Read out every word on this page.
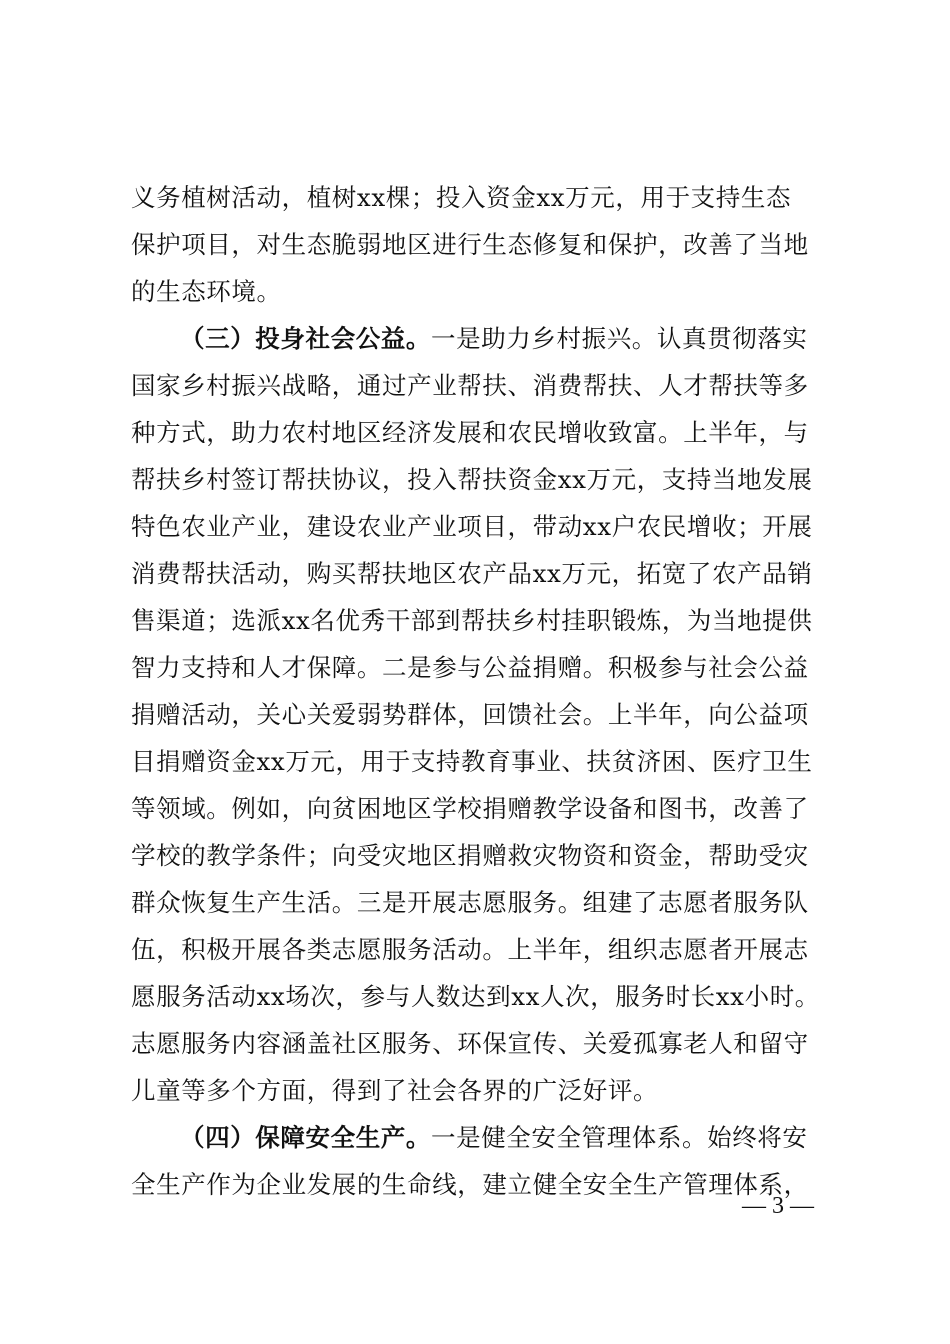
义务植树活动，植树xx棵；投入资金xx万元，用于支持生态
保护项目，对生态脆弱地区进行生态修复和保护，改善了当地
的生态环境。
（三）投身社会公益。一是助力乡村振兴。认真贯彻落实
国家乡村振兴战略，通过产业帮扶、消费帮扶、人才帮扶等多
种方式，助力农村地区经济发展和农民增收致富。上半年，与
帮扶乡村签订帮扶协议，投入帮扶资金xx万元，支持当地发展
特色农业产业，建设农业产业项目，带动xx户农民增收；开展
消费帮扶活动，购买帮扶地区农产品xx万元，拓宽了农产品销
售渠道；选派xx名优秀干部到帮扶乡村挂职锻炼，为当地提供
智力支持和人才保障。二是参与公益捐赠。积极参与社会公益
捐赠活动，关心关爱弱势群体，回馈社会。上半年，向公益项
目捐赠资金xx万元，用于支持教育事业、扶贫济困、医疗卫生
等领域。例如，向贫困地区学校捐赠教学设备和图书，改善了
学校的教学条件；向受灾地区捐赠救灾物资和资金，帮助受灾
群众恢复生产生活。三是开展志愿服务。组建了志愿者服务队
伍，积极开展各类志愿服务活动。上半年，组织志愿者开展志
愿服务活动xx场次，参与人数达到xx人次，服务时长xx小时。
志愿服务内容涵盖社区服务、环保宣传、关爱孤寡老人和留守
儿童等多个方面，得到了社会各界的广泛好评。
（四）保障安全生产。一是健全安全管理体系。始终将安
全生产作为企业发展的生命线，建立健全安全生产管理体系，
— 3 —
